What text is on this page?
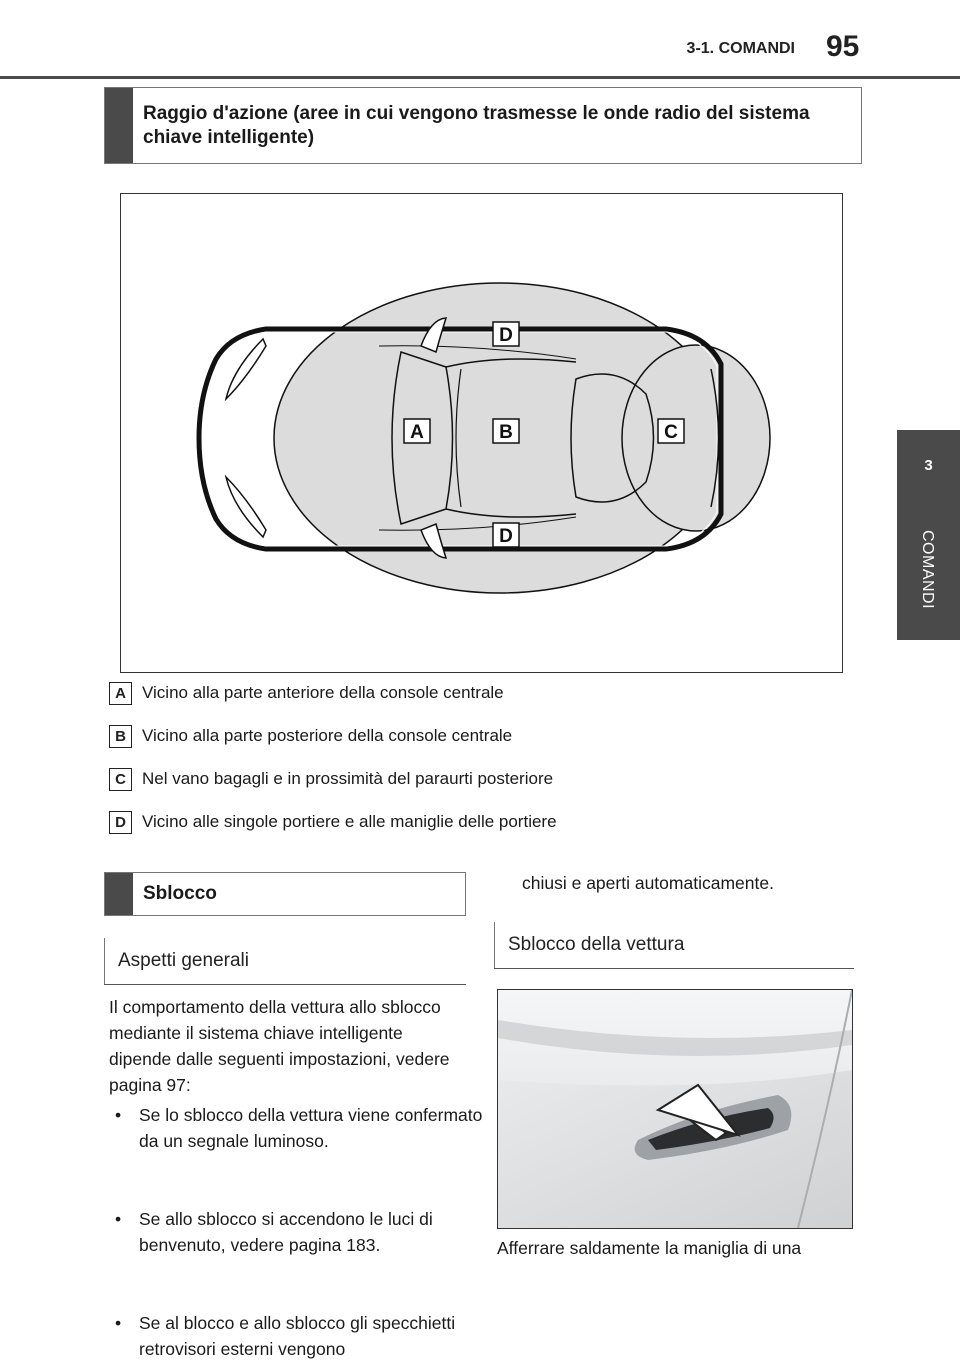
3-1. COMANDI 95
3
COMANDI
Raggio d'azione (aree in cui vengono trasmesse le onde radio del sistema chiave intelligente)
A	B	C
D
D
A Vicino alla parte anteriore della console centrale
B Vicino alla parte posteriore della console centrale
C Nel vano bagagli e in prossimità del paraurti posteriore
D Vicino alle singole portiere e alle maniglie delle portiere
Sblocco
Aspetti generali
Il comportamento della vettura allo sblocco mediante il sistema chiave intelligente dipende dalle seguenti impostazioni, vedere pagina 97:
• Se lo sblocco della vettura viene confermato da un segnale luminoso.
• Se allo sblocco si accendono le luci di benvenuto, vedere pagina 183.
• Se al blocco e allo sblocco gli specchietti retrovisori esterni vengono
chiusi e aperti automaticamente.
Sblocco della vettura
Afferrare saldamente la maniglia di una
